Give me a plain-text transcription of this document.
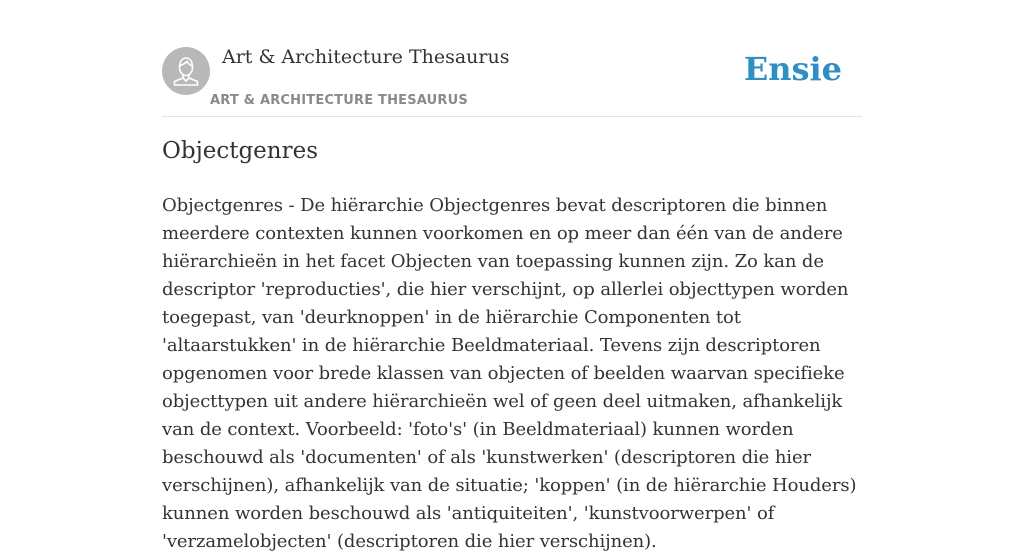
Art & Architecture Thesaurus
ART & ARCHITECTURE THESAURUS
Ensie
Objectgenres

Objectgenres - De hiërarchie Objectgenres bevat descriptoren die binnen meerdere contexten kunnen voorkomen en op meer dan één van de andere hiërarchieën in het facet Objecten van toepassing kunnen zijn. Zo kan de descriptor 'reproducties', die hier verschijnt, op allerlei objecttypen worden toegepast, van 'deurknoppen' in de hiërarchie Componenten tot 'altaarstukken' in de hiërarchie Beeldmateriaal. Tevens zijn descriptoren opgenomen voor brede klassen van objecten of beelden waarvan specifieke objecttypen uit andere hiërarchieën wel of geen deel uitmaken, afhankelijk van de context. Voorbeeld: 'foto's' (in Beeldmateriaal) kunnen worden beschouwd als 'documenten' of als 'kunstwerken' (descriptoren die hier verschijnen), afhankelijk van de situatie; 'koppen' (in de hiërarchie Houders) kunnen worden beschouwd als 'antiquiteiten', 'kunstvoorwerpen' of 'verzamelobjecten' (descriptoren die hier verschijnen).
